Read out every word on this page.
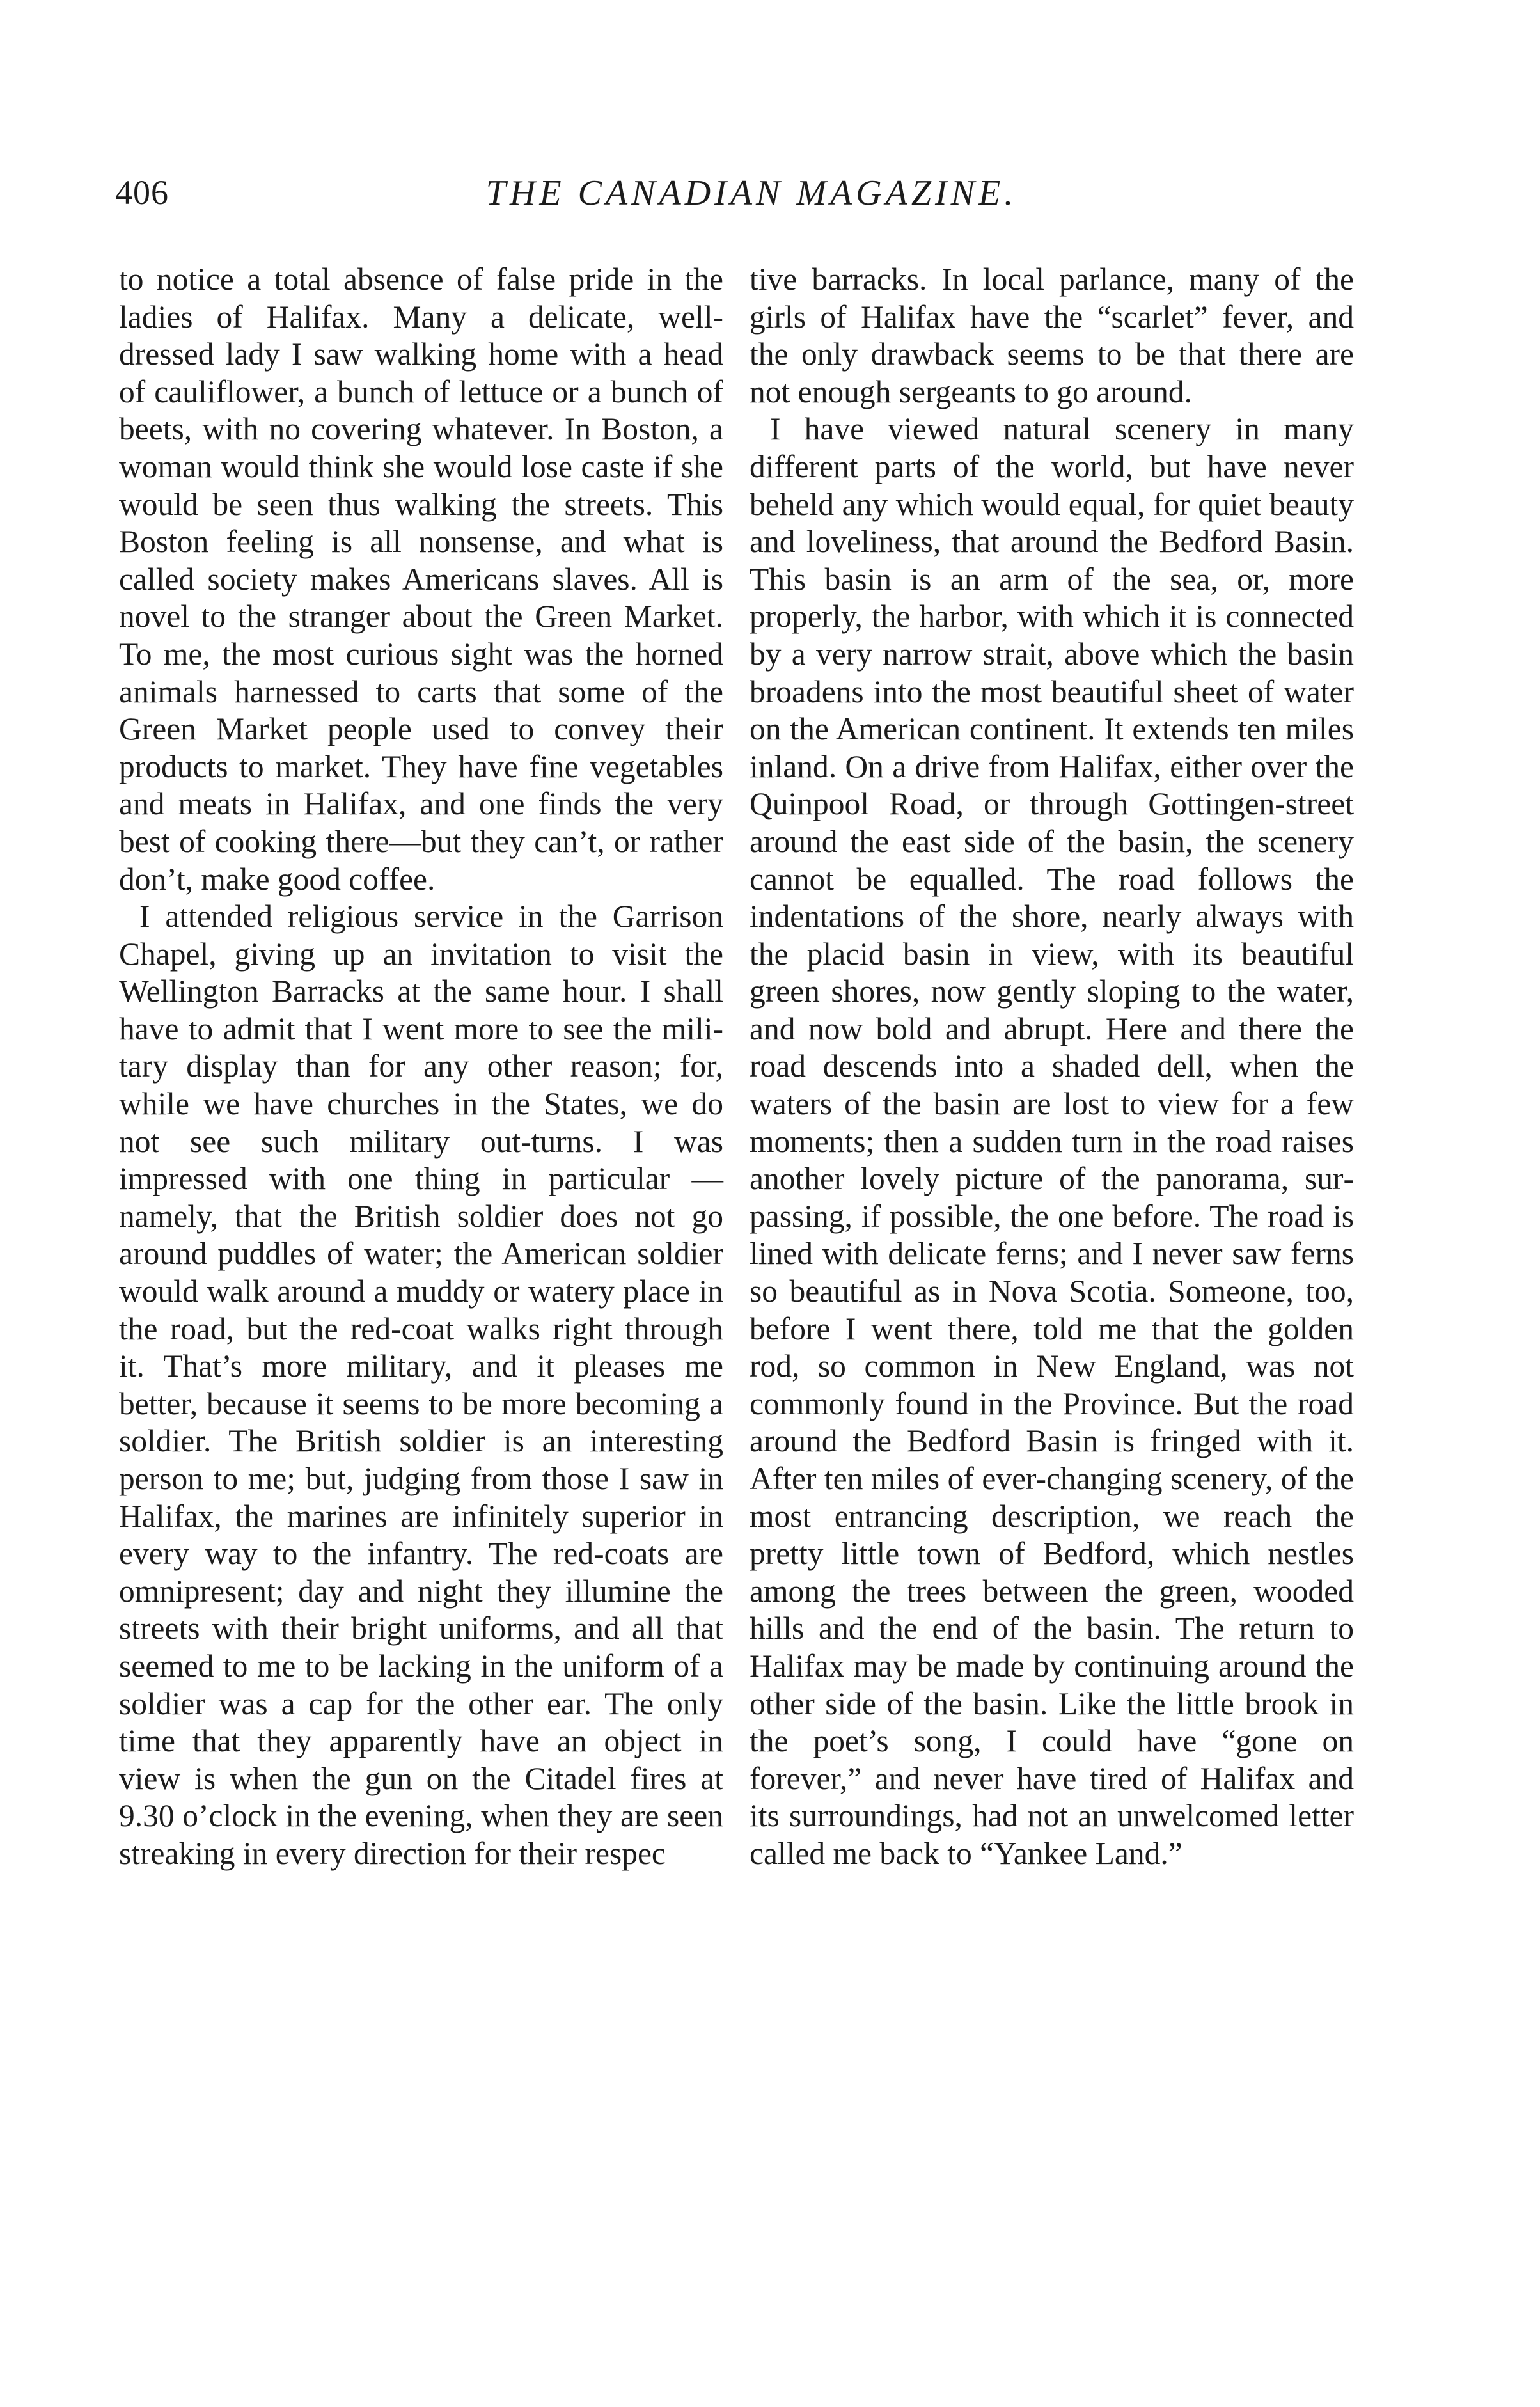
406	THE CANADIAN MAGAZINE.

to notice a total absence of false pride in the ladies of Halifax. Many a delicate, well-dressed lady I saw walking home with a head of cauliflower, a bunch of lettuce or a bunch of beets, with no covering whatever. In Boston, a woman would think she would lose caste if she would be seen thus walking the streets. This Boston feeling is all nonsense, and what is called society makes Americans slaves. All is novel to the stranger about the Green Market. To me, the most curious sight was the horned animals harnessed to carts that some of the Green Market people used to convey their products to market. They have fine vegetables and meats in Halifax, and one finds the very best of cooking there—but they can’t, or rather don’t, make good coffee.

I attended religious service in the Garrison Chapel, giving up an invitation to visit the Wellington Barracks at the same hour. I shall have to admit that I went more to see the military display than for any other reason; for, while we have churches in the States, we do not see such military out-turns. I was impressed with one thing in particular — namely, that the British soldier does not go around puddles of water; the American soldier would walk around a muddy or watery place in the road, but the red-coat walks right through it. That’s more military, and it pleases me better, because it seems to be more becoming a soldier. The British soldier is an interesting person to me; but, judging from those I saw in Halifax, the marines are infinitely superior in every way to the infantry. The red-coats are omnipresent; day and night they illumine the streets with their bright uniforms, and all that seemed to me to be lacking in the uniform of a soldier was a cap for the other ear. The only time that they apparently have an object in view is when the gun on the Citadel fires at 9.30 o’clock in the evening, when they are seen streaking in every direction for their respec

tive barracks. In local parlance, many of the girls of Halifax have the “scarlet” fever, and the only drawback seems to be that there are not enough sergeants to go around.

I have viewed natural scenery in many different parts of the world, but have never beheld any which would equal, for quiet beauty and loveliness, that around the Bedford Basin. This basin is an arm of the sea, or, more properly, the harbor, with which it is connected by a very narrow strait, above which the basin broadens into the most beautiful sheet of water on the American continent. It extends ten miles inland. On a drive from Halifax, either over the Quinpool Road, or through Gottingen-street around the east side of the basin, the scenery cannot be equalled. The road follows the indentations of the shore, nearly always with the placid basin in view, with its beautiful green shores, now gently sloping to the water, and now bold and abrupt. Here and there the road descends into a shaded dell, when the waters of the basin are lost to view for a few moments; then a sudden turn in the road raises another lovely picture of the panorama, surpassing, if possible, the one before. The road is lined with delicate ferns; and I never saw ferns so beautiful as in Nova Scotia. Someone, too, before I went there, told me that the golden rod, so common in New England, was not commonly found in the Province. But the road around the Bedford Basin is fringed with it. After ten miles of ever-changing scenery, of the most entrancing description, we reach the pretty little town of Bedford, which nestles among the trees between the green, wooded hills and the end of the basin. The return to Halifax may be made by continuing around the other side of the basin. Like the little brook in the poet’s song, I could have “gone on forever,” and never have tired of Halifax and its surroundings, had not an unwelcomed letter called me back to “Yankee Land.”
